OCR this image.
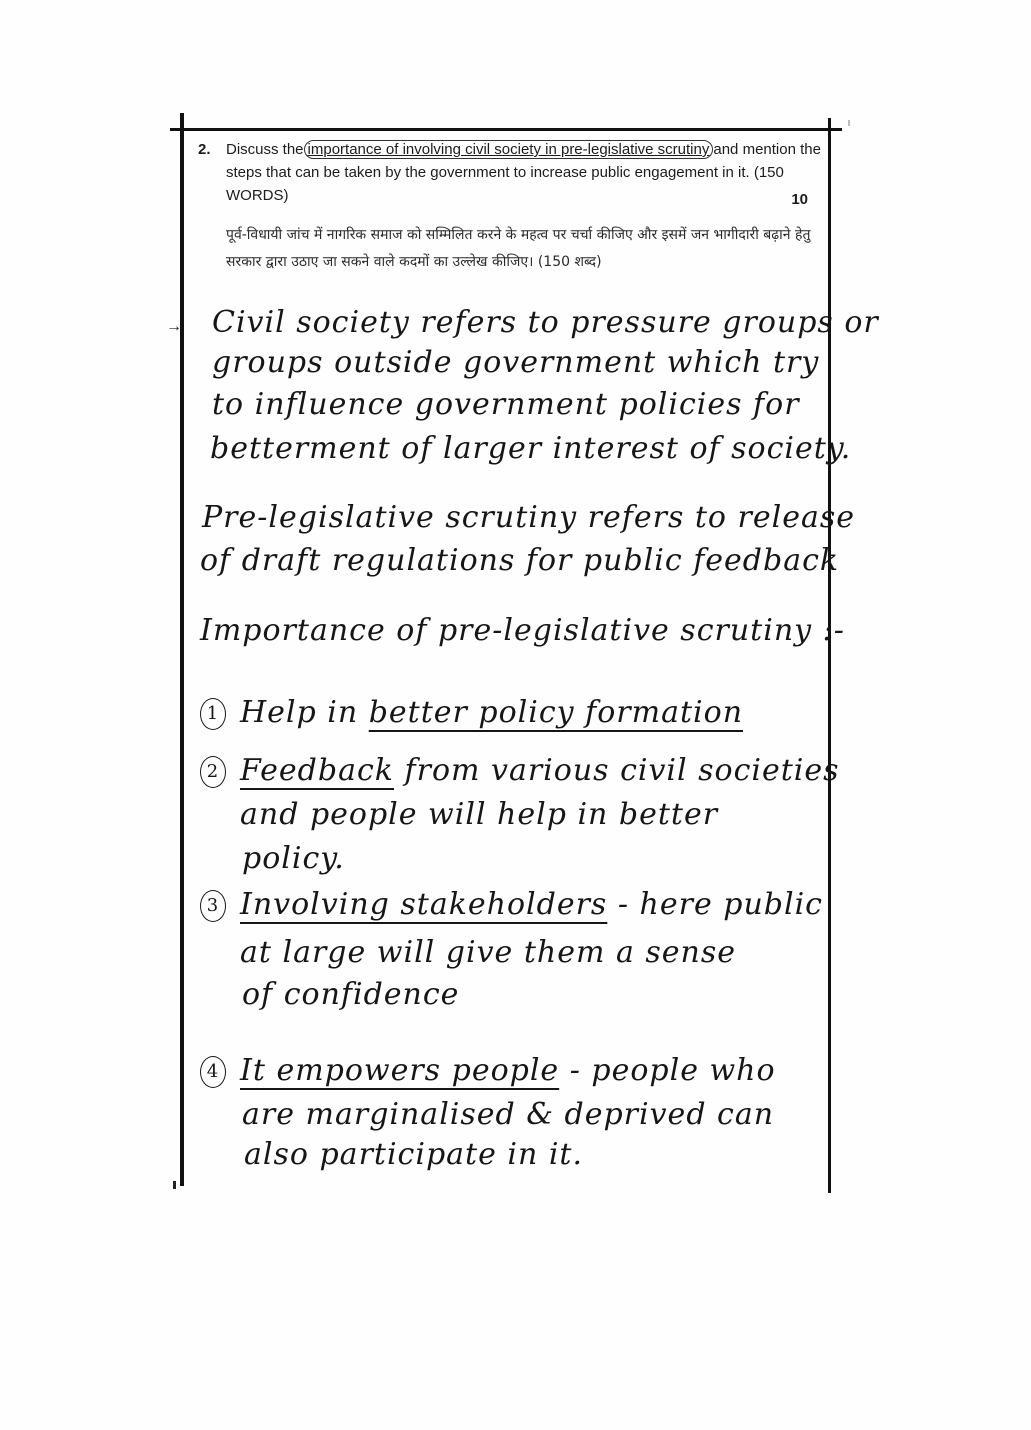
2. Discuss the importance of involving civil society in pre-legislative scrutiny and mention the steps that can be taken by the government to increase public engagement in it. (150 WORDS)	10
पूर्व-विधायी जांच में नागरिक समाज को सम्मिलित करने के महत्व पर चर्चा कीजिए और इसमें जन भागीदारी बढ़ाने हेतु सरकार द्वारा उठाए जा सकने वाले कदमों का उल्लेख कीजिए। (150 शब्द)
→ Civil society refers to pressure groups or
groups outside government which try
to influence government policies for
betterment of larger interest of society.
Pre-legislative scrutiny refers to release
of draft regulations for public feedback
Importance of pre-legislative scrutiny :-
1 Help in better policy formation
2 Feedback from various civil societies
and people will help in better
policy.
3 Involving stakeholders - here public
at large will give them a sense
of confidence
4 It empowers people - people who
are marginalised & deprived can
also participate in it.
